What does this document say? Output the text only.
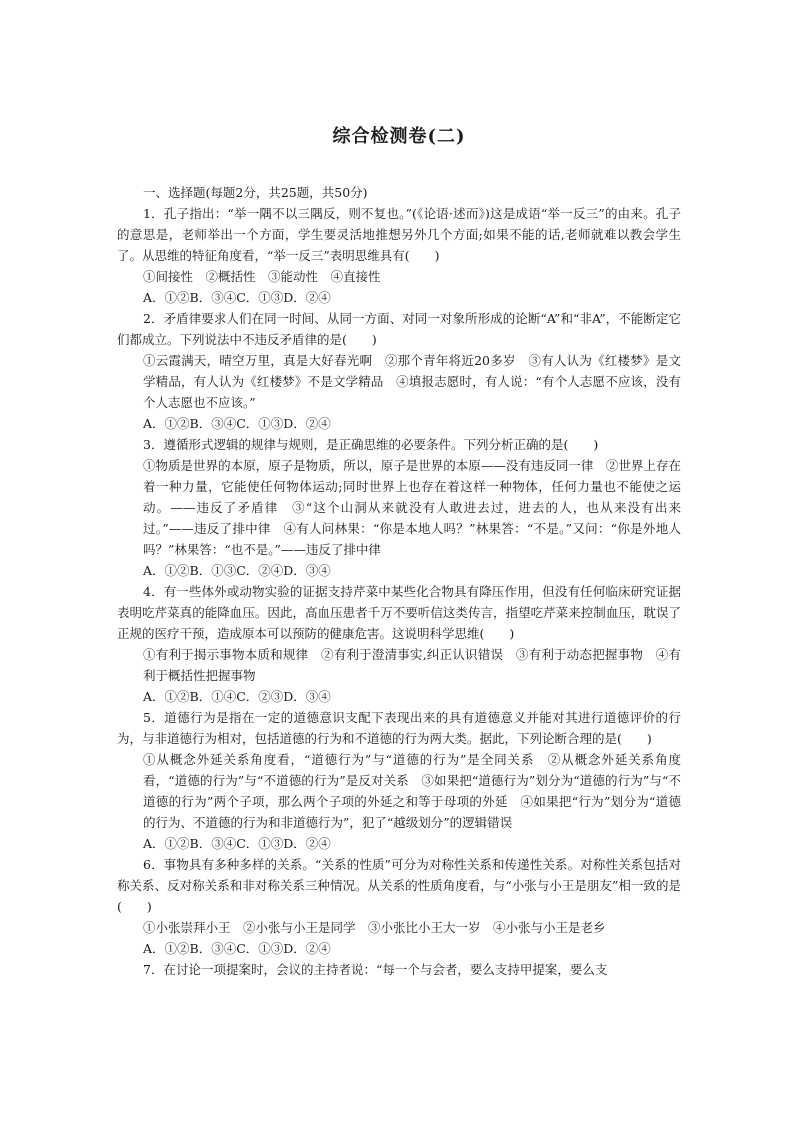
综合检测卷(二)

一、选择题(每题2分，共25题，共50分)

1．孔子指出：“举一隅不以三隅反，则不复也。”(《论语·述而》)这是成语“举一反三”的由来。孔子的意思是，老师举出一个方面，学生要灵活地推想另外几个方面;如果不能的话,老师就难以教会学生了。从思维的特征角度看，“举一反三”表明思维具有(　　)

①间接性　②概括性　③能动性　④直接性

A．①②B．③④C．①③D．②④

2．矛盾律要求人们在同一时间、从同一方面、对同一对象所形成的论断“A”和“非A”，不能断定它们都成立。下列说法中不违反矛盾律的是(　　)

①云霞满天，晴空万里，真是大好春光啊　②那个青年将近20多岁　③有人认为《红楼梦》是文学精品，有人认为《红楼梦》不是文学精品　④填报志愿时，有人说：“有个人志愿不应该，没有个人志愿也不应该。”

A．①②B．③④C．①③D．②④

3．遵循形式逻辑的规律与规则，是正确思维的必要条件。下列分析正确的是(　　)

①物质是世界的本原，原子是物质，所以，原子是世界的本原——没有违反同一律　②世界上存在着一种力量，它能使任何物体运动;同时世界上也存在着这样一种物体，任何力量也不能使之运动。——违反了矛盾律　③“这个山洞从来就没有人敢进去过，进去的人，也从来没有出来过。”——违反了排中律　④有人问林果：“你是本地人吗？”林果答：“不是。”又问：“你是外地人吗？”林果答：“也不是。”——违反了排中律

A．①②B．①③C．②④D．③④

4．有一些体外或动物实验的证据支持芹菜中某些化合物具有降压作用，但没有任何临床研究证据表明吃芹菜真的能降血压。因此，高血压患者千万不要听信这类传言，指望吃芹菜来控制血压，耽误了正规的医疗干预，造成原本可以预防的健康危害。这说明科学思维(　　)

①有利于揭示事物本质和规律　②有利于澄清事实,纠正认识错误　③有利于动态把握事物　④有利于概括性把握事物

A．①②B．①④C．②③D．③④

5．道德行为是指在一定的道德意识支配下表现出来的具有道德意义并能对其进行道德评价的行为，与非道德行为相对，包括道德的行为和不道德的行为两大类。据此，下列论断合理的是(　　)

①从概念外延关系角度看，“道德行为”与“道德的行为”是全同关系　②从概念外延关系角度看，“道德的行为”与“不道德的行为”是反对关系　③如果把“道德行为”划分为“道德的行为”与“不道德的行为”两个子项，那么两个子项的外延之和等于母项的外延　④如果把“行为”划分为“道德的行为、不道德的行为和非道德行为”，犯了“越级划分”的逻辑错误

A．①②B．③④C．①③D．②④

6．事物具有多种多样的关系。“关系的性质”可分为对称性关系和传递性关系。对称性关系包括对称关系、反对称关系和非对称关系三种情况。从关系的性质角度看，与“小张与小王是朋友”相一致的是(　　)

①小张崇拜小王　②小张与小王是同学　③小张比小王大一岁　④小张与小王是老乡

A．①②B．③④C．①③D．②④

7．在讨论一项提案时，会议的主持者说：“每一个与会者，要么支持甲提案，要么支
